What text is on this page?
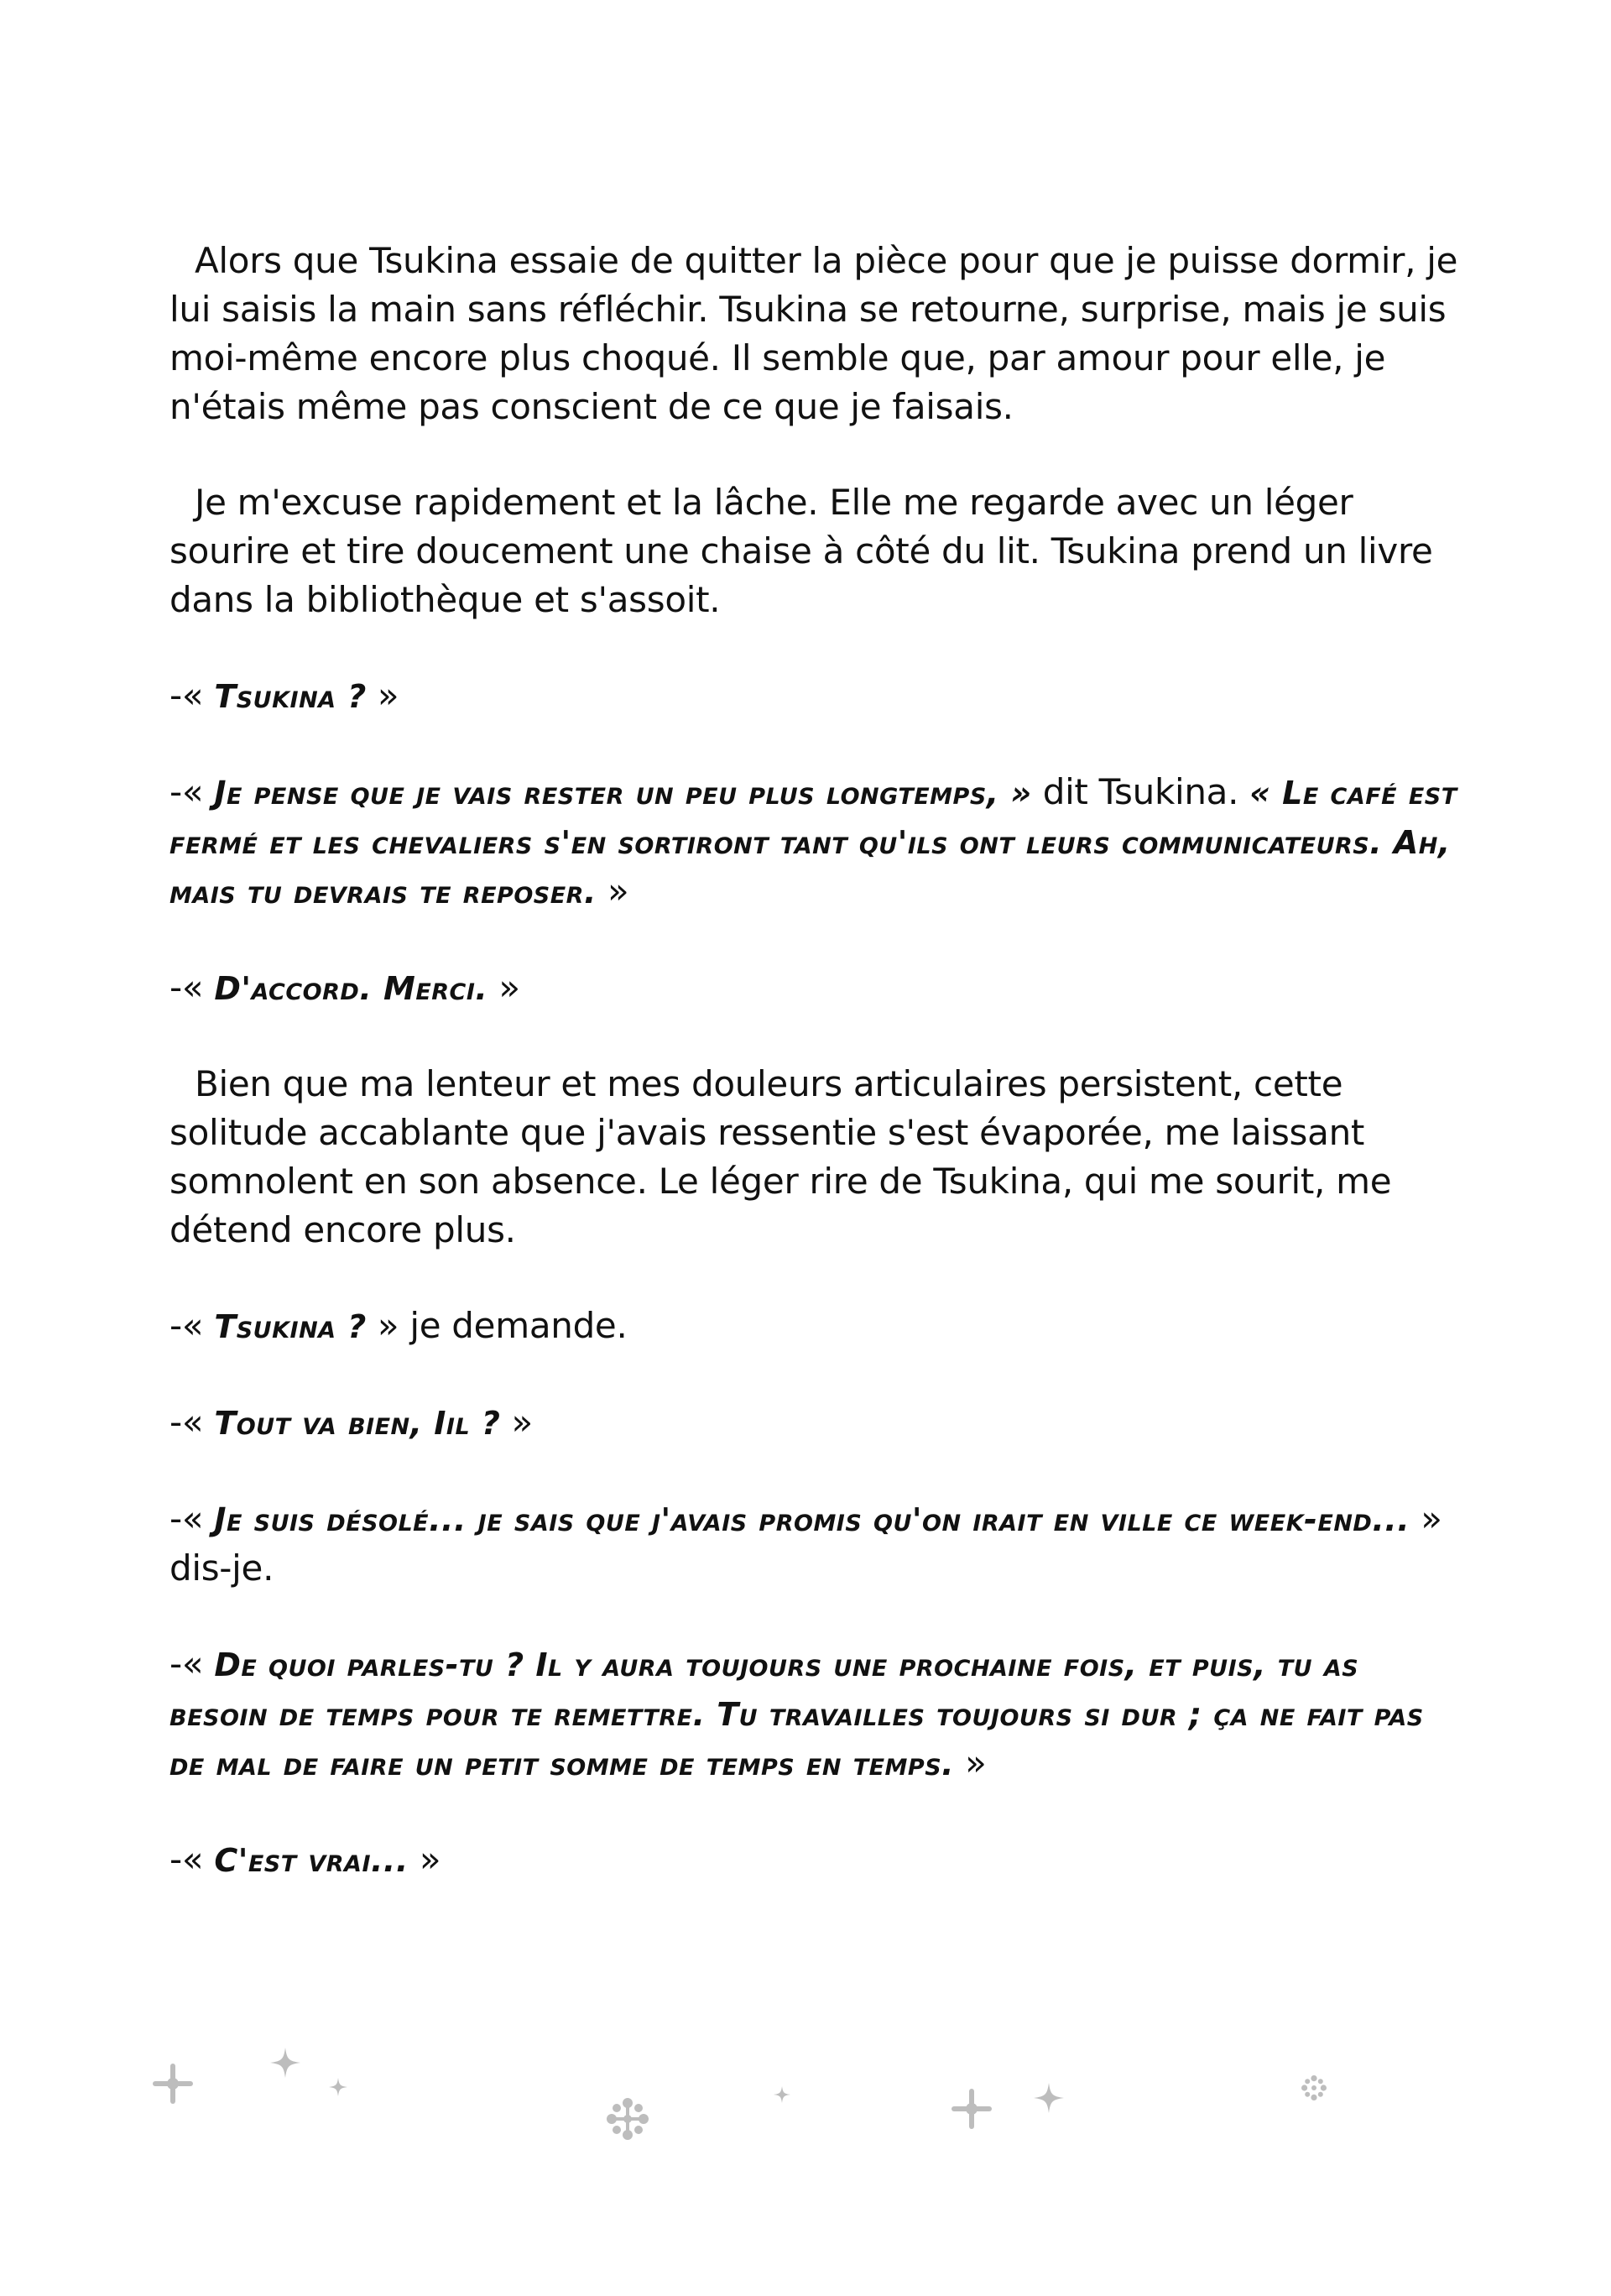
Alors que Tsukina essaie de quitter la pièce pour que je puisse dormir, je lui saisis la main sans réfléchir. Tsukina se retourne, surprise, mais je suis moi-même encore plus choqué. Il semble que, par amour pour elle, je n'étais même pas conscient de ce que je faisais.

Je m'excuse rapidement et la lâche. Elle me regarde avec un léger sourire et tire doucement une chaise à côté du lit. Tsukina prend un livre dans la bibliothèque et s'assoit.

-« Tsukina ? »

-« Je pense que je vais rester un peu plus longtemps, » dit Tsukina. « Le café est fermé et les chevaliers s'en sortiront tant qu'ils ont leurs communicateurs. Ah, mais tu devrais te reposer. »

-« D'accord. Merci. »

Bien que ma lenteur et mes douleurs articulaires persistent, cette solitude accablante que j'avais ressentie s'est évaporée, me laissant somnolent en son absence. Le léger rire de Tsukina, qui me sourit, me détend encore plus.

-« Tsukina ? » je demande.

-« Tout va bien, Iil ? »

-« Je suis désolé... je sais que j'avais promis qu'on irait en ville ce week-end... » dis-je.

-« De quoi parles-tu ? Il y aura toujours une prochaine fois, et puis, tu as besoin de temps pour te remettre. Tu travailles toujours si dur ; ça ne fait pas de mal de faire un petit somme de temps en temps. »

-« C'est vrai... »
